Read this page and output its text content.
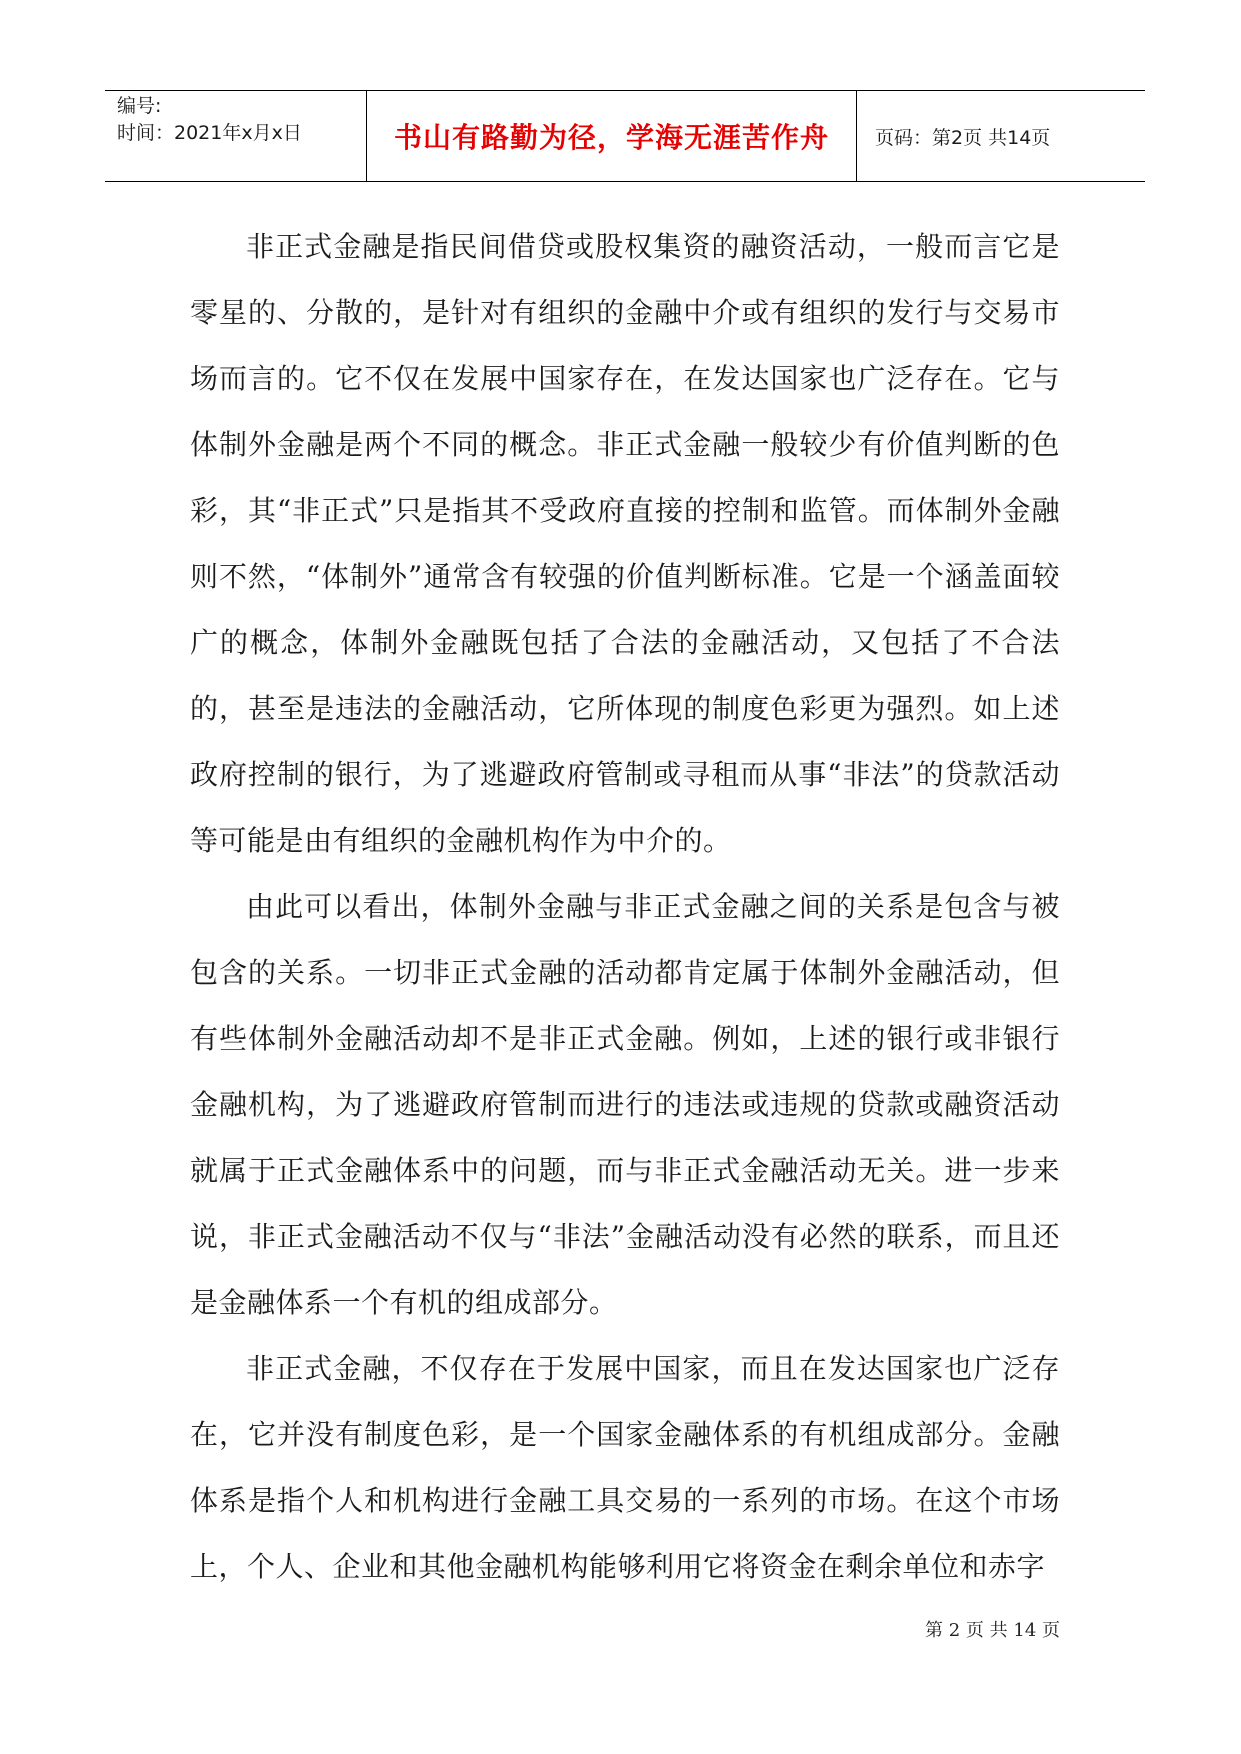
编号:
时间：2021年x月x日	书山有路勤为径，学海无涯苦作舟	页码：第2页 共14页

非正式金融是指民间借贷或股权集资的融资活动，一般而言它是零星的、分散的，是针对有组织的金融中介或有组织的发行与交易市场而言的。它不仅在发展中国家存在，在发达国家也广泛存在。它与体制外金融是两个不同的概念。非正式金融一般较少有价值判断的色彩，其“非正式”只是指其不受政府直接的控制和监管。而体制外金融则不然，“体制外”通常含有较强的价值判断标准。它是一个涵盖面较广的概念，体制外金融既包括了合法的金融活动，又包括了不合法的，甚至是违法的金融活动，它所体现的制度色彩更为强烈。如上述政府控制的银行，为了逃避政府管制或寻租而从事“非法”的贷款活动等可能是由有组织的金融机构作为中介的。

由此可以看出，体制外金融与非正式金融之间的关系是包含与被包含的关系。一切非正式金融的活动都肯定属于体制外金融活动，但有些体制外金融活动却不是非正式金融。例如，上述的银行或非银行金融机构，为了逃避政府管制而进行的违法或违规的贷款或融资活动就属于正式金融体系中的问题，而与非正式金融活动无关。进一步来说，非正式金融活动不仅与“非法”金融活动没有必然的联系，而且还是金融体系一个有机的组成部分。

非正式金融，不仅存在于发展中国家，而且在发达国家也广泛存在，它并没有制度色彩，是一个国家金融体系的有机组成部分。金融体系是指个人和机构进行金融工具交易的一系列的市场。在这个市场上，个人、企业和其他金融机构能够利用它将资金在剩余单位和赤字

第 2 页 共 14 页
